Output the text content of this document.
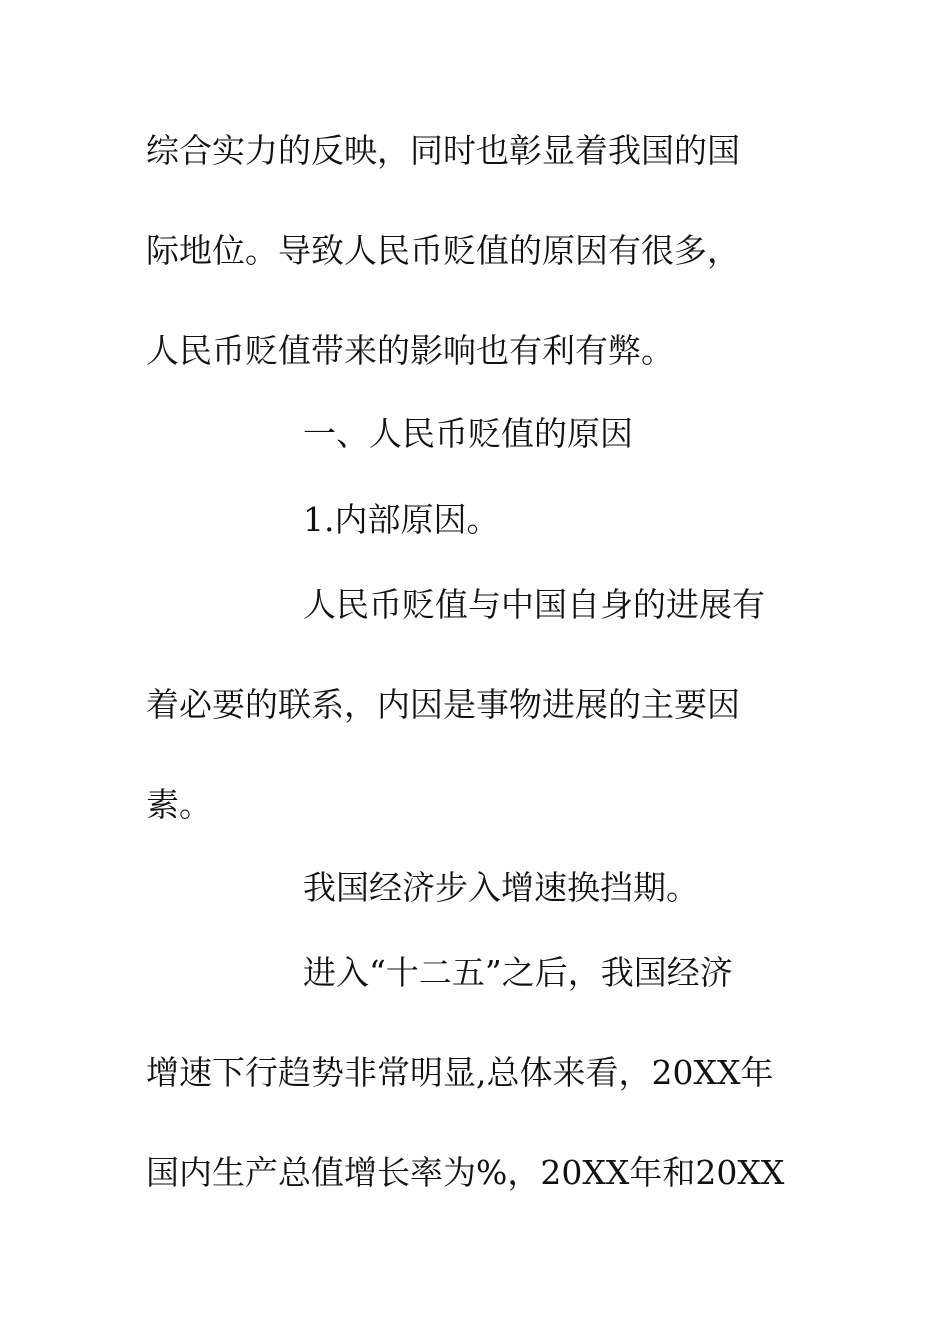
综合实力的反映，同时也彰显着我国的国
际地位。导致人民币贬值的原因有很多，
人民币贬值带来的影响也有利有弊。
一、人民币贬值的原因
1.内部原因。
人民币贬值与中国自身的进展有
着必要的联系，内因是事物进展的主要因
素。
我国经济步入增速换挡期。
进入“十二五”之后，我国经济
增速下行趋势非常明显,总体来看，20XX年
国内生产总值增长率为%，20XX年和20XX
